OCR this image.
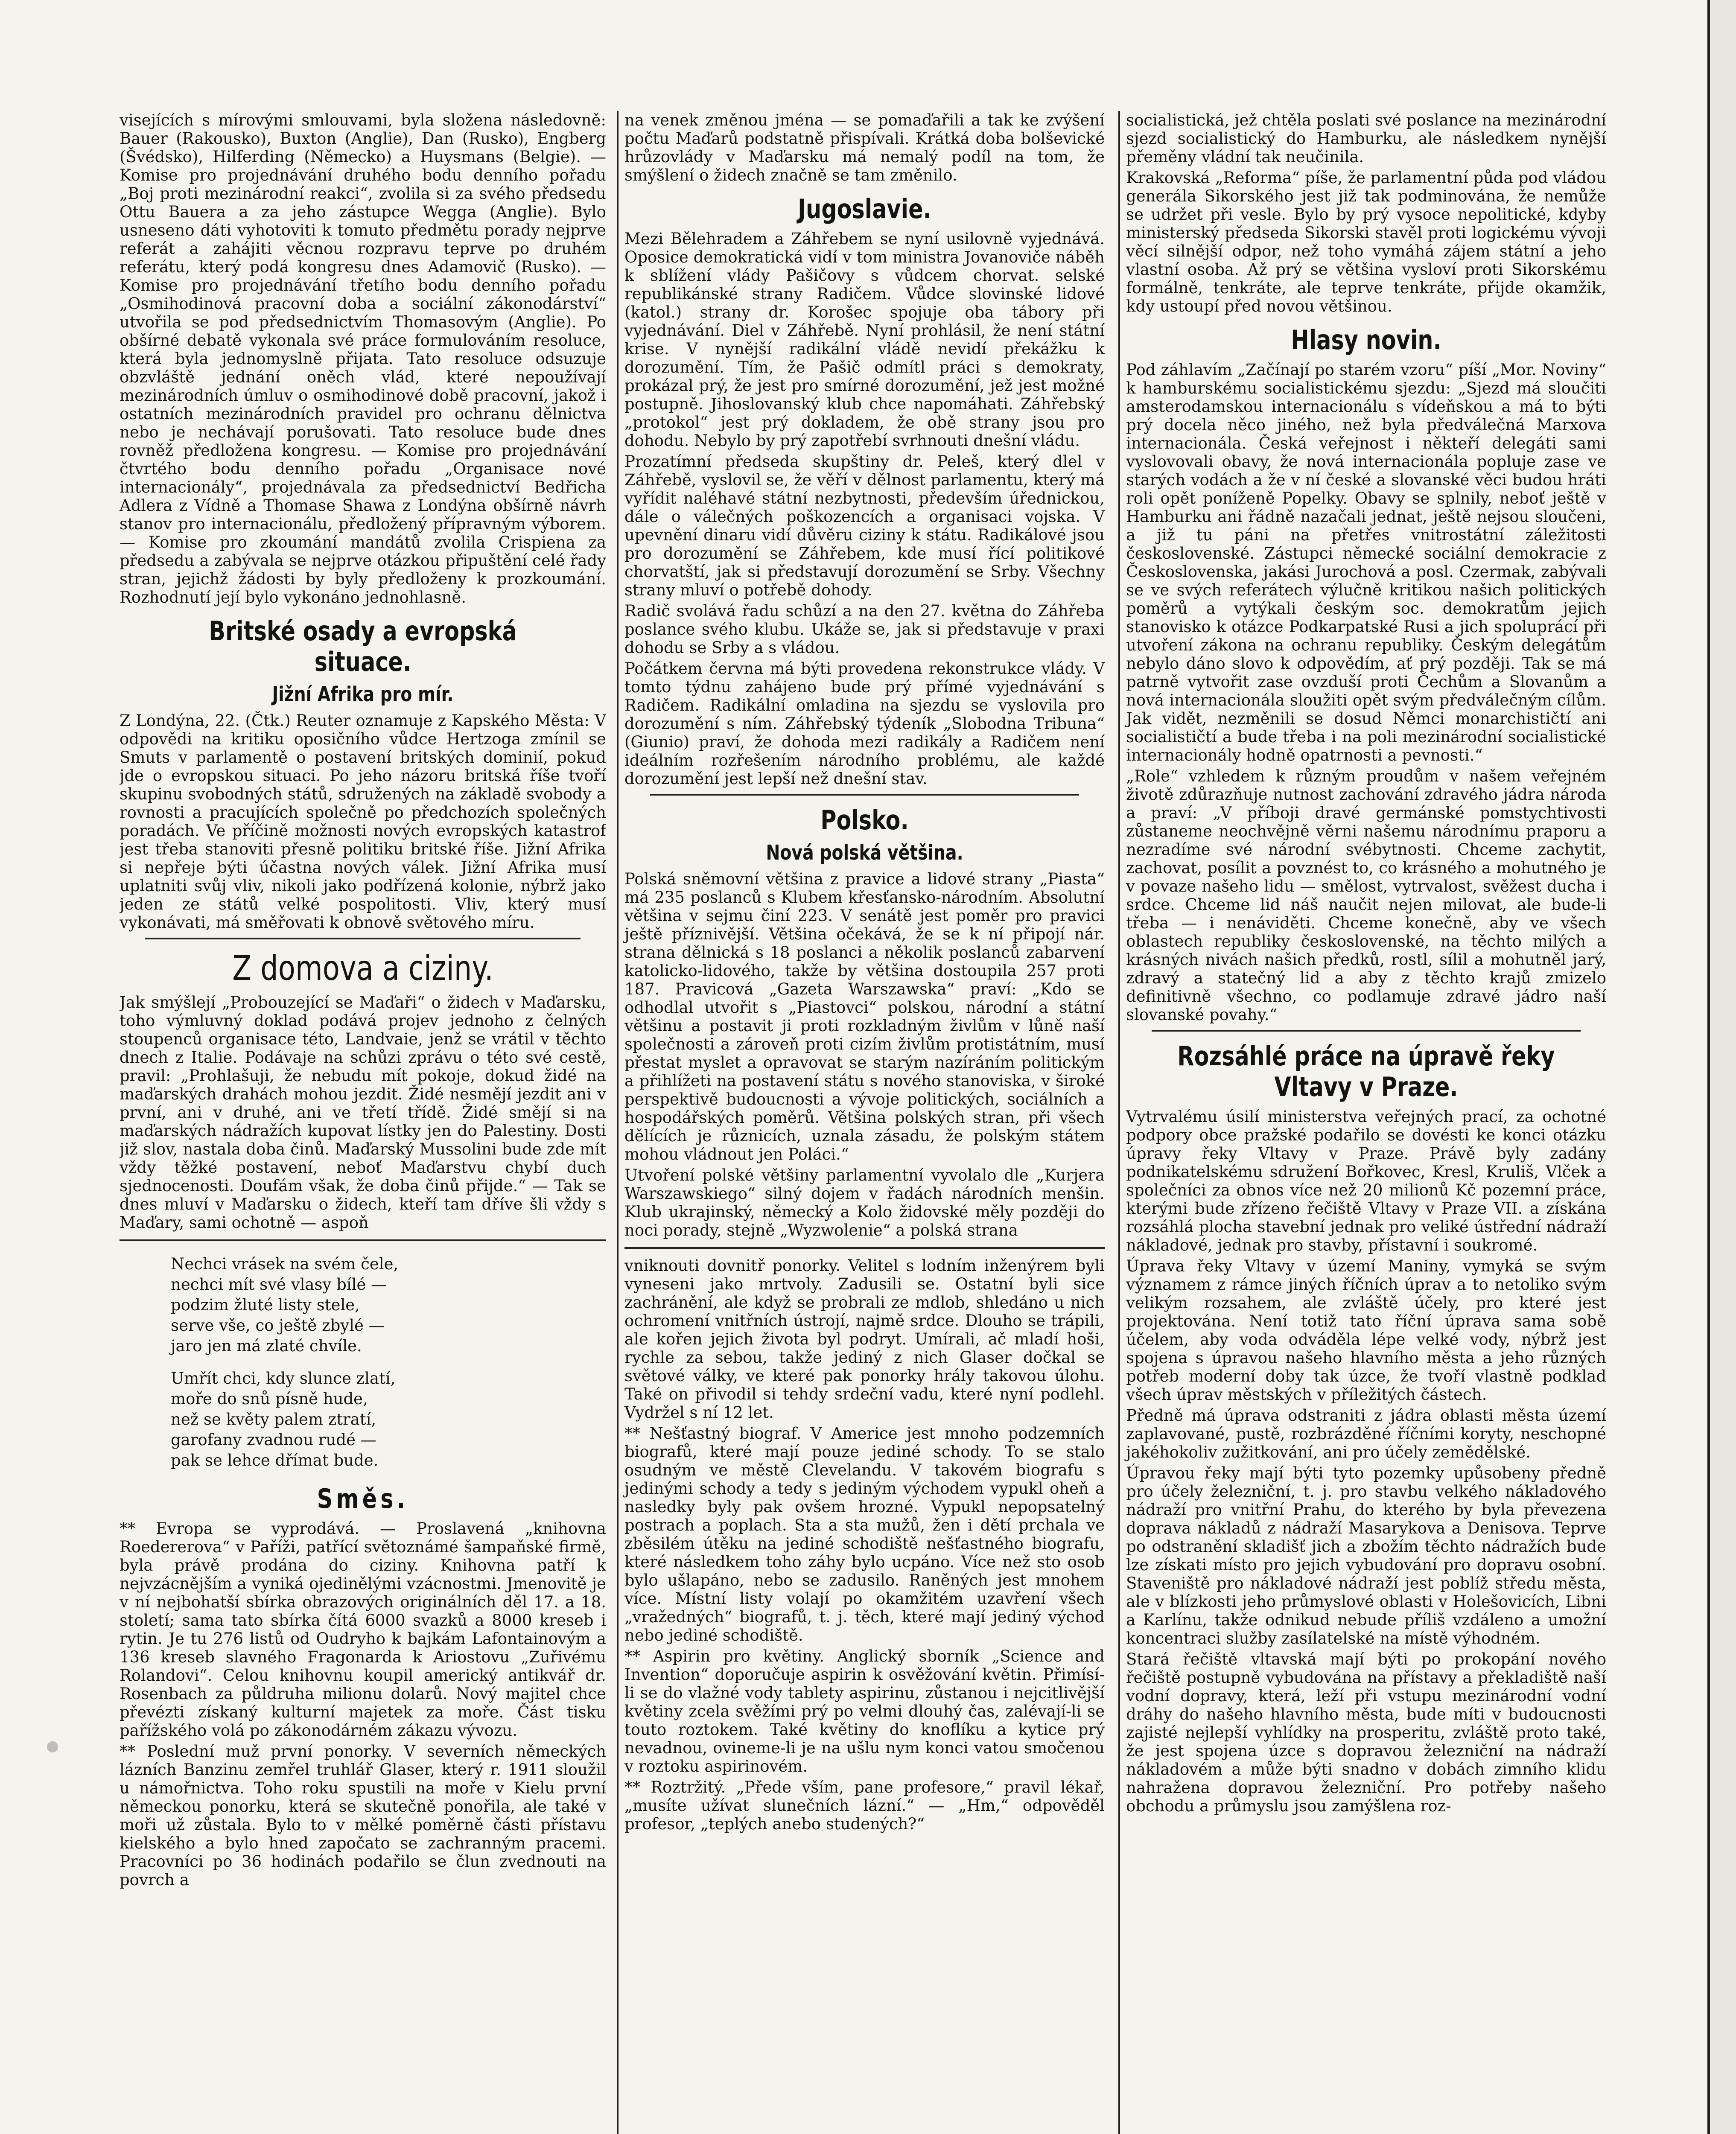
visejících s mírovými smlouvami, byla složena následovně: Bauer (Rakousko), Buxton (Anglie), Dan (Rusko), Engberg (Švédsko), Hilferding (Německo) a Huysmans (Belgie). — Komise pro projednávání druhého bodu denního pořadu „Boj proti mezinárodní reakci“, zvolila si za svého předsedu Ottu Bauera a za jeho zástupce Wegga (Anglie). Bylo usneseno dáti vyhotoviti k tomuto předmětu porady nejprve referát a zahájiti věcnou rozpravu teprve po druhém referátu, který podá kongresu dnes Adamovič (Rusko). — Komise pro projednávání třetího bodu denního pořadu „Osmihodinová pracovní doba a sociální zákonodárství“ utvořila se pod předsednictvím Thomasovým (Anglie). Po obšírné debatě vykonala své práce formulováním resoluce, která byla jednomyslně přijata. Tato resoluce odsuzuje obzvláště jednání oněch vlád, které nepoužívají mezinárodních úmluv o osmihodinové době pracovní, jakož i ostatních mezinárodních pravidel pro ochranu dělnictva nebo je nechávají porušovati. Tato resoluce bude dnes rovněž předložena kongresu. — Komise pro projednávání čtvrtého bodu denního pořadu „Organisace nové internacionály“, projednávala za předsednictví Bedřicha Adlera z Vídně a Thomase Shawa z Londýna obšírně návrh stanov pro internacionálu, předložený přípravným výborem. — Komise pro zkoumání mandátů zvolila Crispiena za předsedu a zabývala se nejprve otázkou připuštění celé řady stran, jejichž žádosti by byly předloženy k prozkoumání. Rozhodnutí její bylo vykonáno jednohlasně.

Britské osady a evropská situace.
Jižní Afrika pro mír.

Z Londýna, 22. (Čtk.) Reuter oznamuje z Kapského Města: V odpovědi na kritiku oposičního vůdce Hertzoga zmínil se Smuts v parlamentě o postavení britských dominií, pokud jde o evropskou situaci. Po jeho názoru britská říše tvoří skupinu svobodných států, sdružených na základě svobody a rovnosti a pracujících společně po předchozích společných poradách. Ve příčině možnosti nových evropských katastrof jest třeba stanoviti přesně politiku britské říše. Jižní Afrika si nepřeje býti účastna nových válek. Jižní Afrika musí uplatniti svůj vliv, nikoli jako podřízená kolonie, nýbrž jako jeden ze států velké pospolitosti. Vliv, který musí vykonávati, má směřovati k obnově světového míru.

Z domova a ciziny.

Jak smýšlejí „Probouzející se Maďaři“ o židech v Maďarsku, toho výmluvný doklad podává projev jednoho z čelných stoupenců organisace této, Landvaie, jenž se vrátil v těchto dnech z Italie. Podávaje na schůzi zprávu o této své cestě, pravil: „Prohlašuji, že nebudu mít pokoje, dokud židé na maďarských drahách mohou jezdit. Židé nesmějí jezdit ani v první, ani v druhé, ani ve třetí třídě. Židé smějí si na maďarských nádražích kupovat lístky jen do Palestiny. Dosti již slov, nastala doba činů. Maďarský Mussolini bude zde mít vždy těžké postavení, neboť Maďarstvu chybí duch sjednocenosti. Doufám však, že doba činů přijde.“ — Tak se dnes mluví v Maďarsku o židech, kteří tam dříve šli vždy s Maďary, sami ochotně — aspoň

Nechci vrásek na svém čele,
nechci mít své vlasy bílé —
podzim žluté listy stele,
serve vše, co ještě zbylé —
jaro jen má zlaté chvíle.
Umřít chci, kdy slunce zlatí,
moře do snů písně hude,
než se květy palem ztratí,
garofany zvadnou rudé —
pak se lehce dřímat bude.
Směs.

** Evropa se vyprodává. — Proslavená „knihovna Roedererova“ v Paříži, patřící světoznámé šampaňské firmě, byla právě prodána do ciziny. Knihovna patří k nejvzácnějším a vyniká ojedinělými vzácnostmi. Jmenovitě je v ní nejbohatší sbírka obrazových originálních děl 17. a 18. století; sama tato sbírka čítá 6000 svazků a 8000 kreseb i rytin. Je tu 276 listů od Oudryho k bajkám Lafontainovým a 136 kreseb slavného Fragonarda k Ariostovu „Zuřivému Rolandovi“. Celou knihovnu koupil americký antikvář dr. Rosenbach za půldruha milionu dolarů. Nový majitel chce převézti získaný kulturní majetek za moře. Část tisku pařížského volá po zákonodárném zákazu vývozu.

** Poslední muž první ponorky. V severních německých lázních Banzinu zemřel truhlář Glaser, který r. 1911 sloužil u námořnictva. Toho roku spustili na moře v Kielu první německou ponorku, která se skutečně ponořila, ale také v moři už zůstala. Bylo to v mělké poměrně části přístavu kielského a bylo hned započato se zachranným pracemi. Pracovníci po 36 hodinách podařilo se člun zvednouti na povrch a

na venek změnou jména — se pomaďařili a tak ke zvýšení počtu Maďarů podstatně přispívali. Krátká doba bolševické hrůzovlády v Maďarsku má nemalý podíl na tom, že smýšlení o židech značně se tam změnilo.

Jugoslavie.

Mezi Bělehradem a Záhřebem se nyní usilovně vyjednává. Oposice demokratická vidí v tom ministra Jovanoviče náběh k sblížení vlády Pašičovy s vůdcem chorvat. selské republikánské strany Radičem. Vůdce slovinské lidové (katol.) strany dr. Korošec spojuje oba tábory při vyjednávání. Diel v Záhřebě. Nyní prohlásil, že není státní krise. V nynější radikální vládě nevidí překážku k dorozumění. Tím, že Pašič odmítl práci s demokraty, prokázal prý, že jest pro smírné dorozumění, jež jest možné postupně. Jihoslovanský klub chce napomáhati. Záhřebský „protokol“ jest prý dokladem, že obě strany jsou pro dohodu. Nebylo by prý zapotřebí svrhnouti dnešní vládu.

Prozatímní předseda skupštiny dr. Peleš, který dlel v Záhřebě, vyslovil se, že věří v dělnost parlamentu, který má vyřídit naléhavé státní nezbytnosti, především úřednickou, dále o válečných poškozencích a organisaci vojska. V upevnění dinaru vidí důvěru ciziny k státu. Radikálové jsou pro dorozumění se Záhřebem, kde musí řící politikové chorvatští, jak si představují dorozumění se Srby. Všechny strany mluví o potřebě dohody.

Radič svolává řadu schůzí a na den 27. května do Záhřeba poslance svého klubu. Ukáže se, jak si představuje v praxi dohodu se Srby a s vládou.

Počátkem června má býti provedena rekonstrukce vlády. V tomto týdnu zahájeno bude prý přímé vyjednávání s Radičem. Radikální omladina na sjezdu se vyslovila pro dorozumění s ním. Záhřebský týdeník „Slobodna Tribuna“ (Giunio) praví, že dohoda mezi radikály a Radičem není ideálním rozřešením národního problému, ale každé dorozumění jest lepší než dnešní stav.

Polsko.
Nová polská většina.

Polská sněmovní většina z pravice a lidové strany „Piasta“ má 235 poslanců s Klubem křesťansko-národním. Absolutní většina v sejmu činí 223. V senátě jest poměr pro pravici ještě příznivější. Většina očekává, že se k ní připojí nár. strana dělnická s 18 poslanci a několik poslanců zabarvení katolicko-lidového, takže by většina dostoupila 257 proti 187. Pravicová „Gazeta Warszawska“ praví: „Kdo se odhodlal utvořit s „Piastovci“ polskou, národní a státní většinu a postavit ji proti rozkladným živlům v lůně naší společnosti a zároveň proti cizím živlům protistátním, musí přestat myslet a opravovat se starým nazíráním politickým a přihlížeti na postavení státu s nového stanoviska, v široké perspektivě budoucnosti a vývoje politických, sociálních a hospodářských poměrů. Většina polských stran, při všech dělících je různicích, uznala zásadu, že polským státem mohou vládnout jen Poláci.“

Utvoření polské většiny parlamentní vyvolalo dle „Kurjera Warszawskiego“ silný dojem v řadách národních menšin. Klub ukrajinský, německý a Kolo židovské měly později do noci porady, stejně „Wyzwolenie“ a polská strana

vniknouti dovnitř ponorky. Velitel s lodním inženýrem byli vyneseni jako mrtvoly. Zadusili se. Ostatní byli sice zachránění, ale když se probrali ze mdlob, shledáno u nich ochromení vnitřních ústrojí, najmě srdce. Dlouho se trápili, ale kořen jejich života byl podryt. Umírali, ač mladí hoši, rychle za sebou, takže jediný z nich Glaser dočkal se světové války, ve které pak ponorky hrály takovou úlohu. Také on přivodil si tehdy srdeční vadu, které nyní podlehl. Vydržel s ní 12 let.

** Nešťastný biograf. V Americe jest mnoho podzemních biografů, které mají pouze jediné schody. To se stalo osudným ve městě Clevelandu. V takovém biografu s jedinými schody a tedy s jediným východem vypukl oheň a nasledky byly pak ovšem hrozné. Vypukl nepopsatelný postrach a poplach. Sta a sta mužů, žen i dětí prchala ve zběsilém útěku na jediné schodiště nešťastného biografu, které následkem toho záhy bylo ucpáno. Více než sto osob bylo ušlapáno, nebo se zadusilo. Raněných jest mnohem více. Místní listy volají po okamžitém uzavření všech „vražedných“ biografů, t. j. těch, které mají jediný východ nebo jediné schodiště.

** Aspirin pro květiny. Anglický sborník „Science and Invention“ doporučuje aspirin k osvěžování květin. Přimísí-li se do vlažné vody tablety aspirinu, zůstanou i nejcitlivější květiny zcela svěžími prý po velmi dlouhý čas, zalévají-li se touto roztokem. Také květiny do knoflíku a kytice prý nevadnou, ovineme-li je na ušlu nym konci vatou smočenou v roztoku aspirinovém.

** Roztržitý. „Přede vším, pane profesore,“ pravil lékař, „musíte užívat slunečních lázní.“ — „Hm,“ odpověděl profesor, „teplých anebo studených?“

socialistická, jež chtěla poslati své poslance na mezinárodní sjezd socialistický do Hamburku, ale následkem nynější přeměny vládní tak neučinila.

Krakovská „Reforma“ píše, že parlamentní půda pod vládou generála Sikorského jest již tak podminována, že nemůže se udržet při vesle. Bylo by prý vysoce nepolitické, kdyby ministerský předseda Sikorski stavěl proti logickému vývoji věcí silnější odpor, než toho vymáhá zájem státní a jeho vlastní osoba. Až prý se většina vysloví proti Sikorskému formálně, tenkráte, ale teprve tenkráte, přijde okamžik, kdy ustoupí před novou většinou.

Hlasy novin.

Pod záhlavím „Začínají po starém vzoru“ píší „Mor. Noviny“ k hamburskému socialistickému sjezdu: „Sjezd má sloučiti amsterodamskou internacionálu s vídeňskou a má to býti prý docela něco jiného, než byla předválečná Marxova internacionála. Česká veřejnost i někteří delegáti sami vyslovovali obavy, že nová internacionála popluje zase ve starých vodách a že v ní české a slovanské věci budou hráti roli opět poníženě Popelky. Obavy se splnily, neboť ještě v Hamburku ani řádně nazačali jednat, ještě nejsou sloučeni, a již tu páni na přetřes vnitrostátní záležitosti československé. Zástupci německé sociální demokracie z Československa, jakási Jurochová a posl. Czermak, zabývali se ve svých referátech výlučně kritikou našich politických poměrů a vytýkali českým soc. demokratům jejich stanovisko k otázce Podkarpatské Rusi a jich spoluprácí při utvoření zákona na ochranu republiky. Českým delegátům nebylo dáno slovo k odpovědím, ať prý později. Tak se má patrně vytvořit zase ovzduší proti Čechům a Slovanům a nová internacionála sloužiti opět svým předválečným cílům. Jak vidět, nezměnili se dosud Němci monarchističtí ani socialističtí a bude třeba i na poli mezinárodní socialistické internacionály hodně opatrnosti a pevnosti.“

„Role“ vzhledem k různým proudům v našem veřejném životě zdůrazňuje nutnost zachování zdravého jádra národa a praví: „V příboji dravé germánské pomstychtivosti zůstaneme neochvějně věrni našemu národnímu praporu a nezradíme své národní svébytnosti. Chceme zachytit, zachovat, posílit a povznést to, co krásného a mohutného je v povaze našeho lidu — smělost, vytrvalost, svěžest ducha i srdce. Chceme lid náš naučit nejen milovat, ale bude-li třeba — i nenáviděti. Chceme konečně, aby ve všech oblastech republiky československé, na těchto milých a krásných nivách našich předků, rostl, sílil a mohutněl jarý, zdravý a statečný lid a aby z těchto krajů zmizelo definitivně všechno, co podlamuje zdravé jádro naší slovanské povahy.“

Rozsáhlé práce na úpravě řeky Vltavy v Praze.

Vytrvalému úsilí ministerstva veřejných prací, za ochotné podpory obce pražské podařilo se dovésti ke konci otázku úpravy řeky Vltavy v Praze. Právě byly zadány podnikatelskému sdružení Bořkovec, Kresl, Kruliš, Vlček a společníci za obnos více než 20 milionů Kč pozemní práce, kterými bude zřízeno řečiště Vltavy v Praze VII. a získána rozsáhlá plocha stavební jednak pro veliké ústřední nádraží nákladové, jednak pro stavby, přístavní i soukromé.

Úprava řeky Vltavy v území Maniny, vymyká se svým významem z rámce jiných říčních úprav a to netoliko svým velikým rozsahem, ale zvláště účely, pro které jest projektována. Není totiž tato říční úprava sama sobě účelem, aby voda odváděla lépe velké vody, nýbrž jest spojena s úpravou našeho hlavního města a jeho různých potřeb moderní doby tak úzce, že tvoří vlastně podklad všech úprav městských v příležitých částech.

Předně má úprava odstraniti z jádra oblasti města území zaplavované, pustě, rozbrázděné říčními koryty, neschopné jakéhokoliv zužitkování, ani pro účely zemědělské.

Úpravou řeky mají býti tyto pozemky upůsobeny předně pro účely železniční, t. j. pro stavbu velkého nákladového nádraží pro vnitřní Prahu, do kterého by byla převezena doprava nákladů z nádraží Masarykova a Denisova. Teprve po odstranění skladišť jich a zbožím těchto nádražích bude lze získati místo pro jejich vybudování pro dopravu osobní. Staveniště pro nákladové nádraží jest poblíž středu města, ale v blízkosti jeho průmyslové oblasti v Holešovicích, Libni a Karlínu, takže odnikud nebude příliš vzdáleno a umožní koncentraci služby zasílatelské na místě výhodném.

Stará řečiště vltavská mají býti po prokopání nového řečiště postupně vybudována na přístavy a překladiště naší vodní dopravy, která, leží při vstupu mezinárodní vodní dráhy do našeho hlavního města, bude míti v budoucnosti zajisté nejlepší vyhlídky na prosperitu, zvláště proto také, že jest spojena úzce s dopravou železniční na nádraží nákladovém a může býti snadno v dobách zimního klidu nahražena dopravou železniční. Pro potřeby našeho obchodu a průmyslu jsou zamýšlena roz-
